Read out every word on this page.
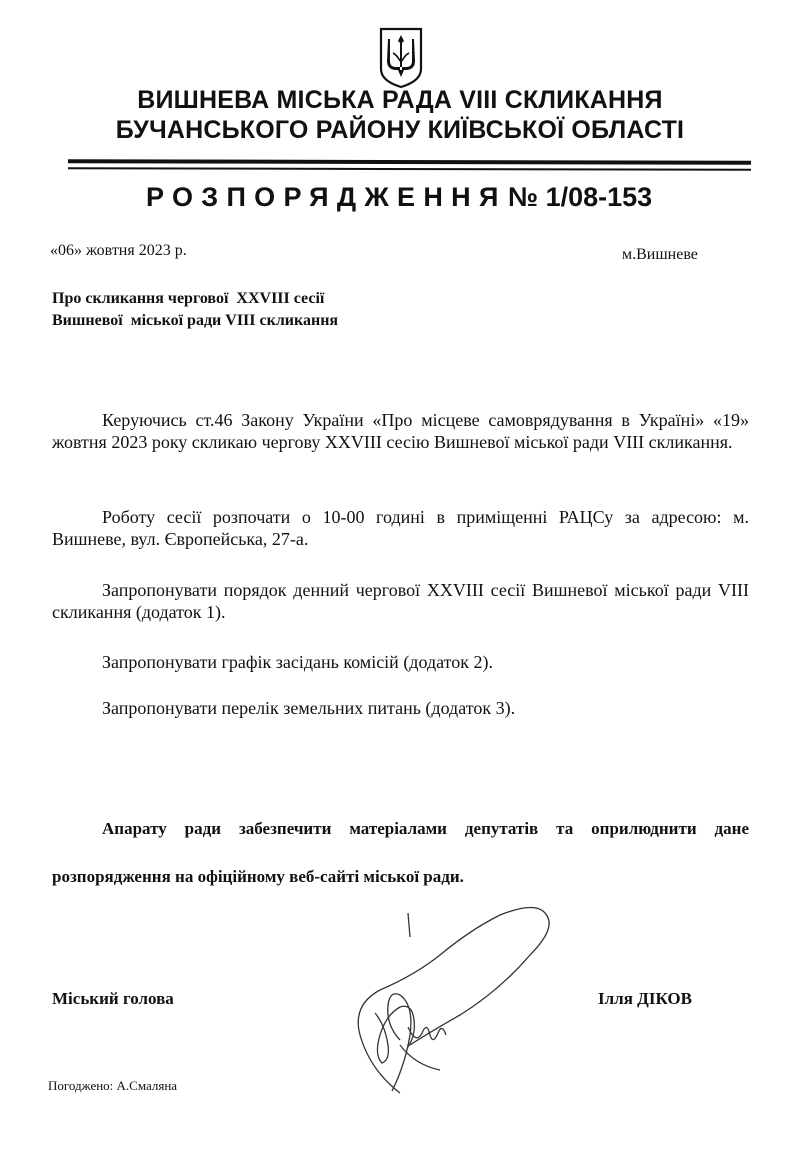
ВИШНЕВА МІСЬКА РАДА VIII СКЛИКАННЯ
БУЧАНСЬКОГО РАЙОНУ КИЇВСЬКОЇ ОБЛАСТІ
РОЗПОРЯДЖЕННЯ № 1/08-153
«06» жовтня 2023 р.	м.Вишневе
Про скликання чергової  XXVIII сесії
Вишневої  міської ради VIII скликання

Керуючись ст.46 Закону України «Про місцеве самоврядування в Україні» «19» жовтня 2023 року скликаю чергову XXVIII сесію Вишневої міської ради VIII скликання.

Роботу сесії розпочати о 10-00 годині в приміщенні РАЦСу за адресою: м. Вишневе, вул. Європейська, 27-а.

Запропонувати порядок денний чергової XXVIII сесії Вишневої міської ради VIII скликання (додаток 1).

Запропонувати графік засідань комісій (додаток 2).

Запропонувати перелік земельних питань (додаток 3).

Апарату ради забезпечити матеріалами депутатів та оприлюднити дане розпорядження на офіційному веб-сайті міської ради.

Міський голова	Ілля ДІКОВ
Погоджено: А.Смаляна
